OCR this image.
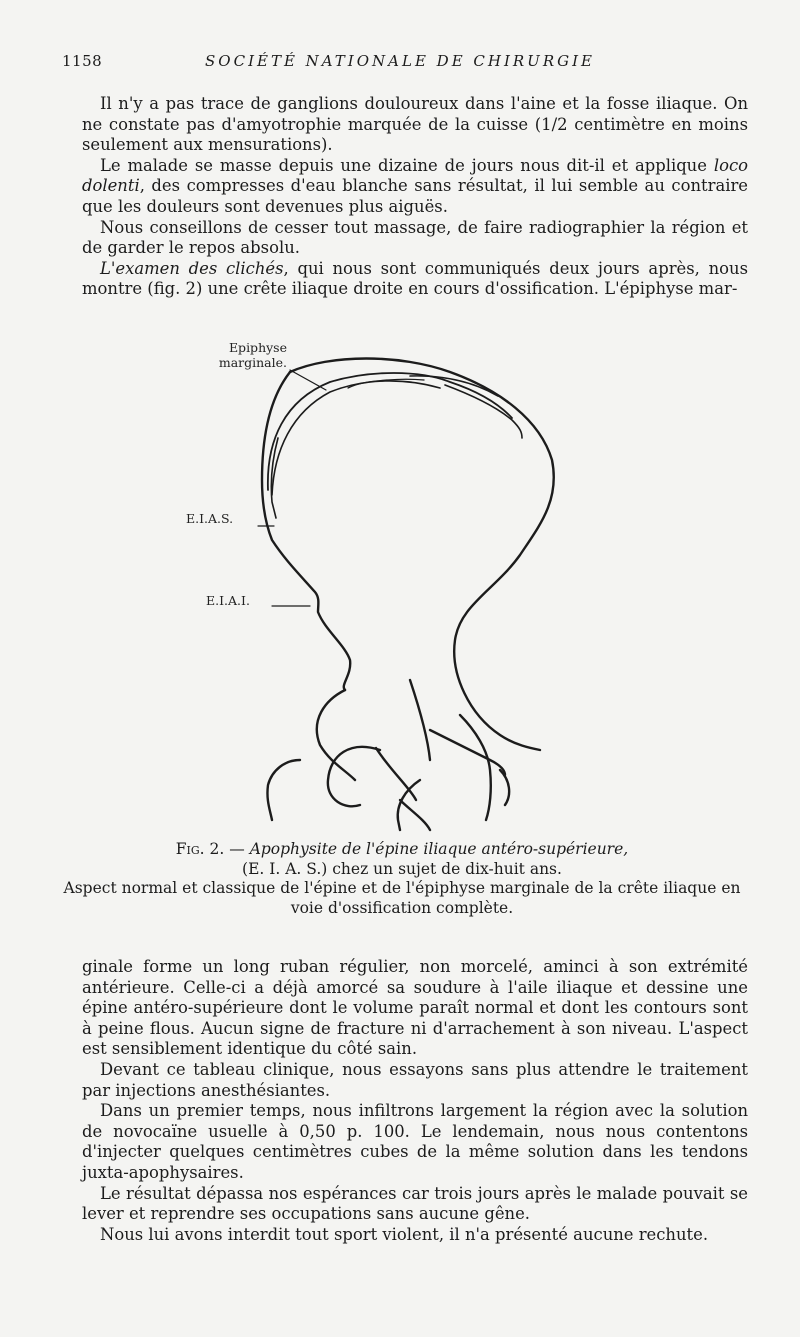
1158	SOCIÉTÉ NATIONALE DE CHIRURGIE

Il n'y a pas trace de ganglions douloureux dans l'aine et la fosse iliaque. On ne constate pas d'amyotrophie marquée de la cuisse (1/2 centimètre en moins seulement aux mensurations).

Le malade se masse depuis une dizaine de jours nous dit-il et applique loco dolenti, des compresses d'eau blanche sans résultat, il lui semble au contraire que les douleurs sont devenues plus aiguës.

Nous conseillons de cesser tout massage, de faire radiographier la région et de garder le repos absolu.

L'examen des clichés, qui nous sont communiqués deux jours après, nous montre (fig. 2) une crête iliaque droite en cours d'ossification. L'épiphyse mar-

Epiphyse
marginale.
E.I.A.S.
E.I.A.I.
Fig. 2. — Apophysite de l'épine iliaque antéro-supérieure,
(E. I. A. S.) chez un sujet de dix-huit ans.
Aspect normal et classique de l'épine et de l'épiphyse marginale de la crête iliaque en voie d'ossification complète.

ginale forme un long ruban régulier, non morcelé, aminci à son extrémité antérieure. Celle-ci a déjà amorcé sa soudure à l'aile iliaque et dessine une épine antéro-supérieure dont le volume paraît normal et dont les contours sont à peine flous. Aucun signe de fracture ni d'arrachement à son niveau. L'aspect est sensiblement identique du côté sain.

Devant ce tableau clinique, nous essayons sans plus attendre le traitement par injections anesthésiantes.

Dans un premier temps, nous infiltrons largement la région avec la solution de novocaïne usuelle à 0,50 p. 100. Le lendemain, nous nous contentons d'injecter quelques centimètres cubes de la même solution dans les tendons juxta-apophysaires.

Le résultat dépassa nos espérances car trois jours après le malade pouvait se lever et reprendre ses occupations sans aucune gêne.

Nous lui avons interdit tout sport violent, il n'a présenté aucune rechute.
